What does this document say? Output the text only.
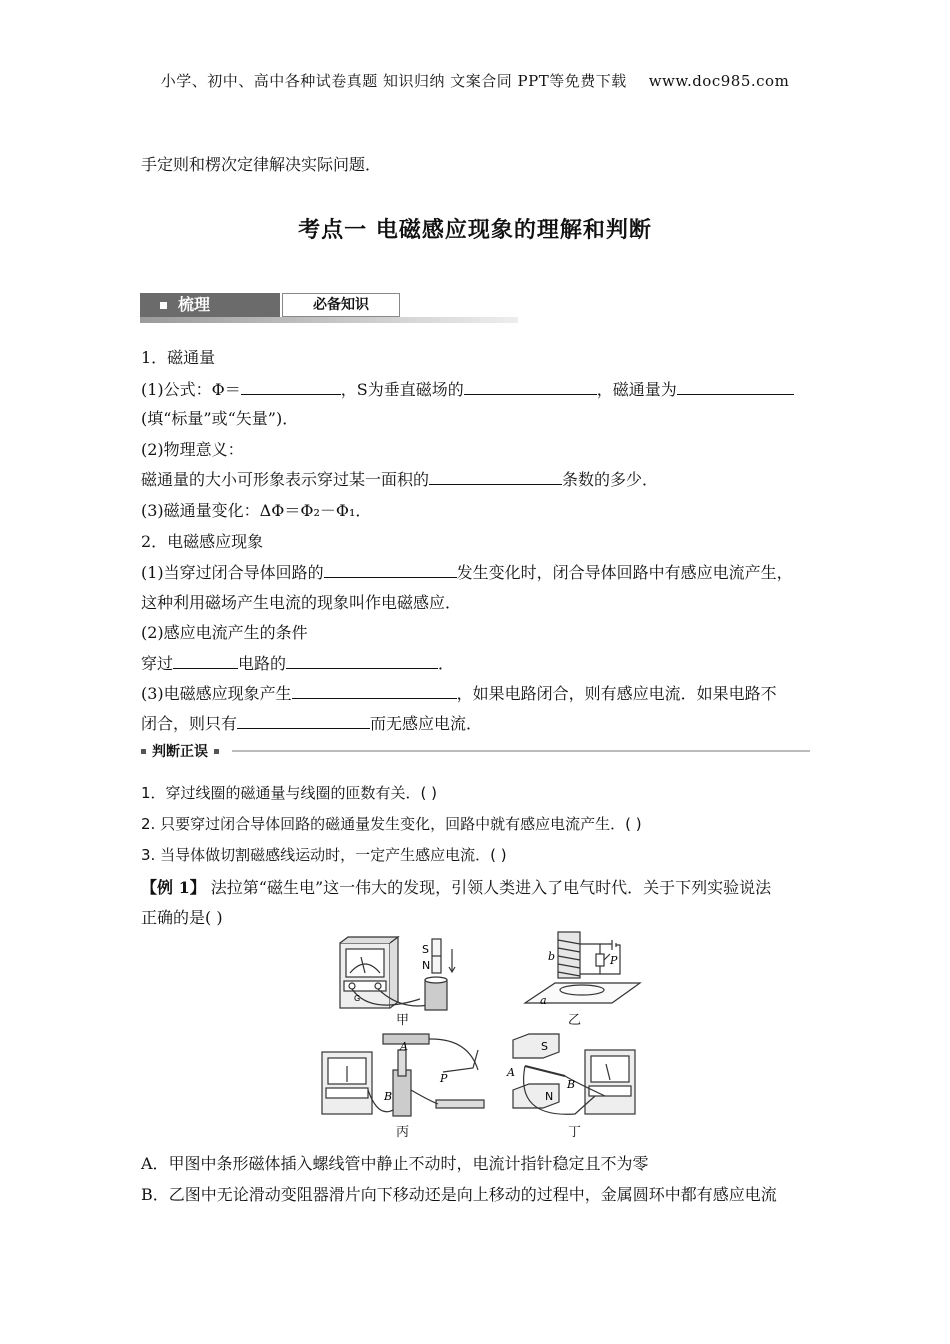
小学、初中、高中各种试卷真题 知识归纳 文案合同 PPT等免费下载 www.doc985.com
手定则和楞次定律解决实际问题．
考点一 电磁感应现象的理解和判断
梳理	必备知识
1．磁通量
(1)公式：Φ＝	，S为垂直磁场的	，磁通量为
(填“标量”或“矢量”)．
(2)物理意义：
磁通量的大小可形象表示穿过某一面积的	条数的多少．
(3)磁通量变化：ΔΦ＝Φ₂－Φ₁．
2．电磁感应现象
(1)当穿过闭合导体回路的	发生变化时，闭合导体回路中有感应电流产生，
这种利用磁场产生电流的现象叫作电磁感应．
(2)感应电流产生的条件
穿过	电路的	．
(3)电磁感应现象产生	，如果电路闭合，则有感应电流．如果电路不
闭合，则只有	而无感应电流．
判断正误
1．穿过线圈的磁通量与线圈的匝数有关．( )
2. 只要穿过闭合导体回路的磁通量发生变化，回路中就有感应电流产生．( )
3. 当导体做切割磁感线运动时，一定产生感应电流．( )
【例 1】 法拉第“磁生电”这一伟大的发现，引领人类进入了电气时代．关于下列实验说法
正确的是( )
S
N
G
甲
b
a
P
乙
A
B
P
丙
S
N
A
B
丁
A．甲图中条形磁体插入螺线管中静止不动时，电流计指针稳定且不为零
B．乙图中无论滑动变阻器滑片向下移动还是向上移动的过程中，金属圆环中都有感应电流
